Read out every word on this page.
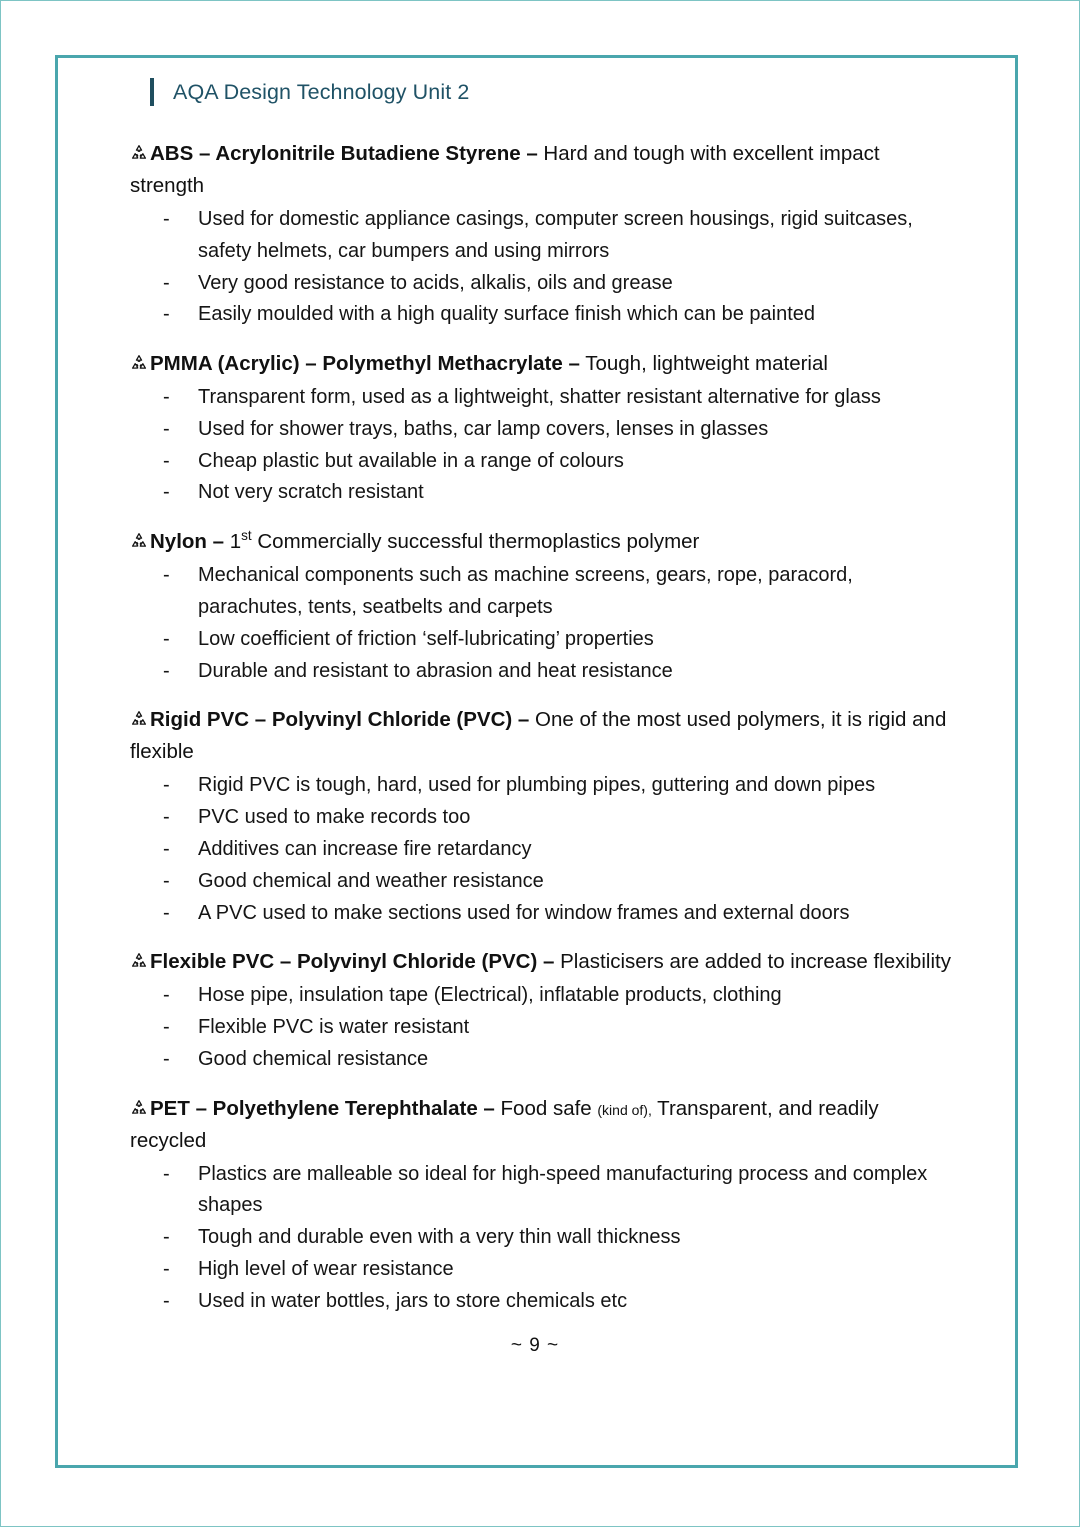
AQA Design Technology Unit 2

ABS – Acrylonitrile Butadiene Styrene – Hard and tough with excellent impact strength

- Used for domestic appliance casings, computer screen housings, rigid suitcases, safety helmets, car bumpers and using mirrors
- Very good resistance to acids, alkalis, oils and grease
- Easily moulded with a high quality surface finish which can be painted

PMMA (Acrylic) – Polymethyl Methacrylate – Tough, lightweight material

- Transparent form, used as a lightweight, shatter resistant alternative for glass
- Used for shower trays, baths, car lamp covers, lenses in glasses
- Cheap plastic but available in a range of colours
- Not very scratch resistant

Nylon – 1st Commercially successful thermoplastics polymer

- Mechanical components such as machine screens, gears, rope, paracord, parachutes, tents, seatbelts and carpets
- Low coefficient of friction ‘self-lubricating’ properties
- Durable and resistant to abrasion and heat resistance

Rigid PVC – Polyvinyl Chloride (PVC) – One of the most used polymers, it is rigid and flexible

- Rigid PVC is tough, hard, used for plumbing pipes, guttering and down pipes
- PVC used to make records too
- Additives can increase fire retardancy
- Good chemical and weather resistance
- A PVC used to make sections used for window frames and external doors

Flexible PVC – Polyvinyl Chloride (PVC) – Plasticisers are added to increase flexibility

- Hose pipe, insulation tape (Electrical), inflatable products, clothing
- Flexible PVC is water resistant
- Good chemical resistance

PET – Polyethylene Terephthalate – Food safe (kind of), Transparent, and readily recycled

- Plastics are malleable so ideal for high-speed manufacturing process and complex shapes
- Tough and durable even with a very thin wall thickness
- High level of wear resistance
- Used in water bottles, jars to store chemicals etc
~ 9 ~
